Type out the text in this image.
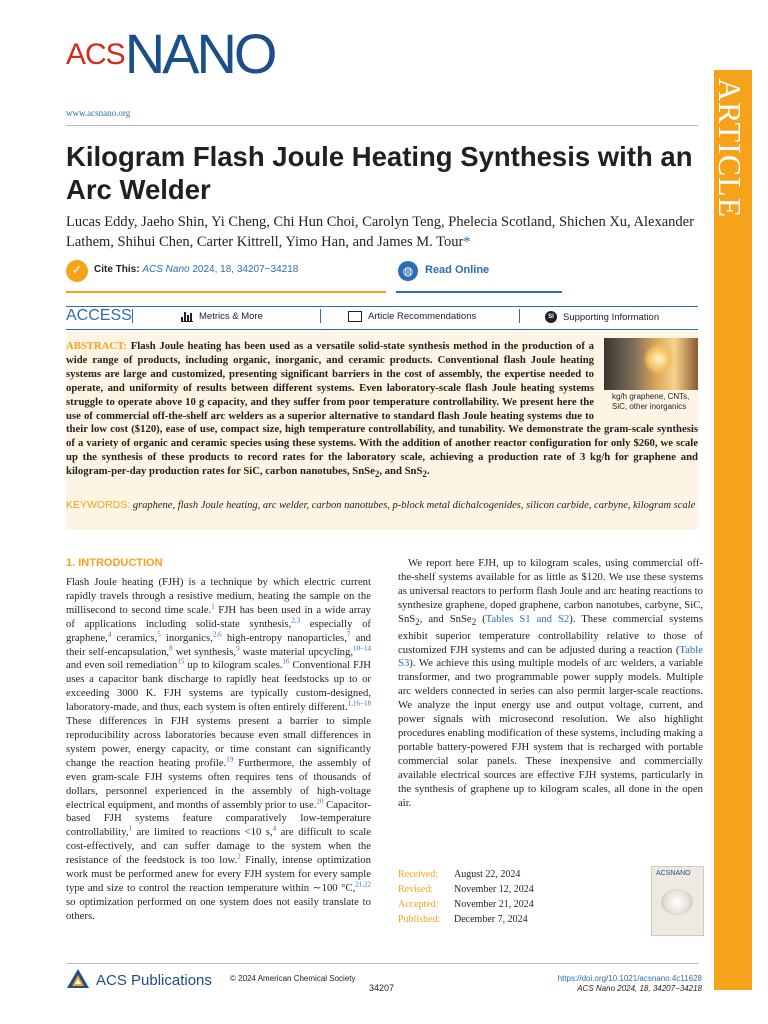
ACS NANO
www.acsnano.org	ARTICLE
Kilogram Flash Joule Heating Synthesis with an Arc Welder
Lucas Eddy, Jaeho Shin, Yi Cheng, Chi Hun Choi, Carolyn Teng, Phelecia Scotland, Shichen Xu, Alexander Lathem, Shihui Chen, Carter Kittrell, Yimo Han, and James M. Tour*
✓	Cite This: ACS Nano 2024, 18, 34207−34218	◍	Read Online
ACCESS	Metrics & More	Article Recommendations	SI Supporting Information
kg/h graphene, CNTs, SiC, other inorganics
ABSTRACT: Flash Joule heating has been used as a versatile solid-state synthesis method in the production of a wide range of products, including organic, inorganic, and ceramic products. Conventional flash Joule heating systems are large and customized, presenting significant barriers in the cost of assembly, the expertise needed to operate, and uniformity of results between different systems. Even laboratory-scale flash Joule heating systems struggle to operate above 10 g capacity, and they suffer from poor temperature controllability. We present here the use of commercial off-the-shelf arc welders as a superior alternative to standard flash Joule heating systems due to their low cost ($120), ease of use, compact size, high temperature controllability, and tunability. We demonstrate the gram-scale synthesis of a variety of organic and ceramic species using these systems. With the addition of another reactor configuration for only $260, we scale up the synthesis of these products to record rates for the laboratory scale, achieving a production rate of 3 kg/h for graphene and kilogram-per-day production rates for SiC, carbon nanotubes, SnSe$_2$, and SnS$_2$.
KEYWORDS: graphene, flash Joule heating, arc welder, carbon nanotubes, p-block metal dichalcogenides, silicon carbide, carbyne, kilogram scale
1. INTRODUCTION
Flash Joule heating (FJH) is a technique by which electric current rapidly travels through a resistive medium, heating the sample on the millisecond to second time scale.$^1$ FJH has been used in a wide array of applications including solid-state synthesis,$^{2,3}$ especially of graphene,$^4$ ceramics,$^5$ inorganics,$^{2,6}$ high-entropy nanoparticles,$^7$ and their self-encapsulation,$^8$ wet synthesis,$^9$ waste material upcycling,$^{10-14}$ and even soil remediation$^{15}$ up to kilogram scales.$^{16}$ Conventional FJH uses a capacitor bank discharge to rapidly heat feedstocks up to or exceeding 3000 K. FJH systems are typically custom-designed, laboratory-made, and thus, each system is often entirely different.$^{1,16-18}$ These differences in FJH systems present a barrier to simple reproducibility across laboratories because even small differences in system power, energy capacity, or time constant can significantly change the reaction heating profile.$^{19}$ Furthermore, the assembly of even gram-scale FJH systems often requires tens of thousands of dollars, personnel experienced in the assembly of high-voltage electrical equipment, and months of assembly prior to use.$^{20}$ Capacitor-based FJH systems feature comparatively low-temperature controllability,$^1$ are limited to reactions <10 s,$^4$ are difficult to scale cost-effectively, and can suffer damage to the system when the resistance of the feedstock is too low.$^2$ Finally, intense optimization work must be performed anew for every FJH system for every sample type and size to control the reaction temperature within ∼100 °C,$^{21,22}$ so optimization performed on one system does not easily translate to others.
We report here FJH, up to kilogram scales, using commercial off-the-shelf systems available for as little as $120. We use these systems as universal reactors to perform flash Joule and arc heating reactions to synthesize graphene, doped graphene, carbon nanotubes, carbyne, SiC, SnS$_2$, and SnSe$_2$ (Tables S1 and S2). These commercial systems exhibit superior temperature controllability relative to those of customized FJH systems and can be adjusted during a reaction (Table S3). We achieve this using multiple models of arc welders, a variable transformer, and two programmable power supply models. Multiple arc welders connected in series can also permit larger-scale reactions. We analyze the input energy use and output voltage, current, and power signals with microsecond resolution. We also highlight procedures enabling modification of these systems, including making a portable battery-powered FJH system that is recharged with portable commercial solar panels. These inexpensive and commercially available electrical sources are effective FJH systems, particularly in the synthesis of graphene up to kilogram scales, all done in the open air.
Received: August 22, 2024
Revised: November 12, 2024
Accepted: November 21, 2024
Published: December 7, 2024
ACSNANO
ACS Publications © 2024 American Chemical Society
34207
https://doi.org/10.1021/acsnano.4c11628
ACS Nano 2024, 18, 34207−34218
